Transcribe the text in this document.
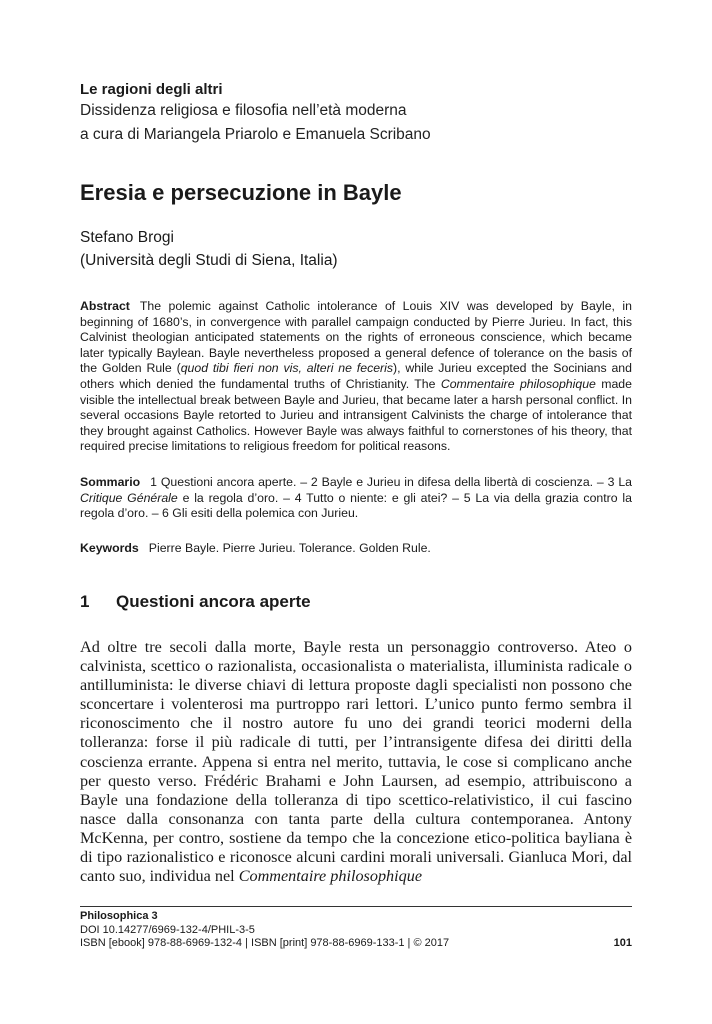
Le ragioni degli altri
Dissidenza religiosa e filosofia nell’età moderna
a cura di Mariangela Priarolo e Emanuela Scribano
Eresia e persecuzione in Bayle
Stefano Brogi
(Università degli Studi di Siena, Italia)

Abstract The polemic against Catholic intolerance of Louis XIV was developed by Bayle, in beginning of 1680’s, in convergence with parallel campaign conducted by Pierre Jurieu. In fact, this Calvinist theologian anticipated statements on the rights of erroneous conscience, which became later typically Baylean. Bayle nevertheless proposed a general defence of tolerance on the basis of the Golden Rule (quod tibi fieri non vis, alteri ne feceris), while Jurieu excepted the Socinians and others which denied the fundamental truths of Christianity. The Commentaire philosophique made visible the intellectual break between Bayle and Jurieu, that became later a harsh personal conflict. In several occasions Bayle retorted to Jurieu and intransigent Calvinists the charge of intolerance that they brought against Catholics. However Bayle was always faithful to cornerstones of his theory, that required precise limitations to religious freedom for political reasons.

Sommario 1 Questioni ancora aperte. – 2 Bayle e Jurieu in difesa della libertà di coscienza. – 3 La Critique Générale e la regola d’oro. – 4 Tutto o niente: e gli atei? – 5 La via della grazia contro la regola d’oro. – 6 Gli esiti della polemica con Jurieu.

Keywords Pierre Bayle. Pierre Jurieu. Tolerance. Golden Rule.

1 Questioni ancora aperte

Ad oltre tre secoli dalla morte, Bayle resta un personaggio controverso. Ateo o calvinista, scettico o razionalista, occasionalista o materialista, illuminista radicale o antilluminista: le diverse chiavi di lettura proposte dagli specialisti non possono che sconcertare i volenterosi ma purtroppo rari lettori. L’unico punto fermo sembra il riconoscimento che il nostro autore fu uno dei grandi teorici moderni della tolleranza: forse il più radicale di tutti, per l’intransigente difesa dei diritti della coscienza errante. Appena si entra nel merito, tuttavia, le cose si complicano anche per questo verso. Frédéric Brahami e John Laursen, ad esempio, attribuiscono a Bayle una fondazione della tolleranza di tipo scettico-relativistico, il cui fascino nasce dalla consonanza con tanta parte della cultura contemporanea. Antony McKenna, per contro, sostiene da tempo che la concezione etico-politica bayliana è di tipo razionalistico e riconosce alcuni cardini morali universali. Gianluca Mori, dal canto suo, individua nel Commentaire philosophique

Philosophica 3
DOI 10.14277/6969-132-4/PHIL-3-5
ISBN [ebook] 978-88-6969-132-4 | ISBN [print] 978-88-6969-133-1 | © 2017	101
